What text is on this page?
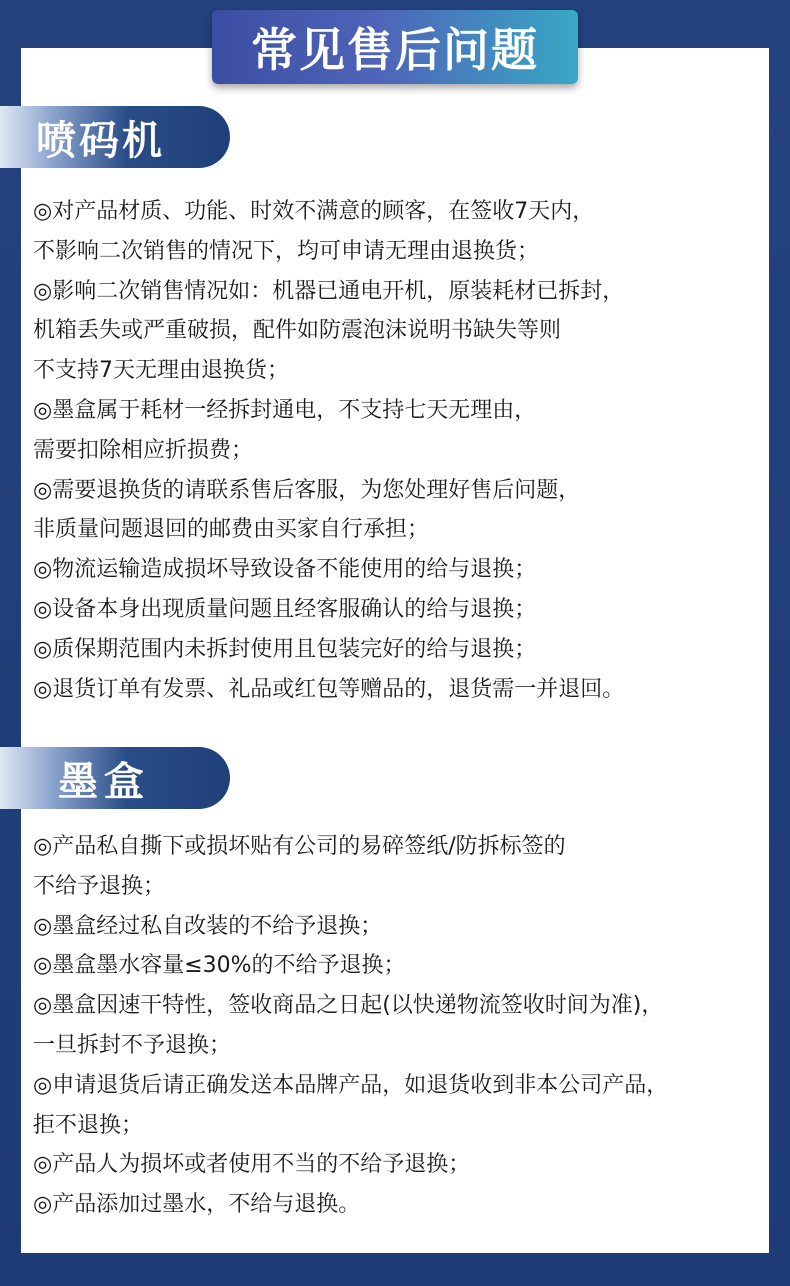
常见售后问题
喷码机
◎对产品材质、功能、时效不满意的顾客，在签收7天内，
不影响二次销售的情况下，均可申请无理由退换货；
◎影响二次销售情况如：机器已通电开机，原装耗材已拆封，
机箱丢失或严重破损，配件如防震泡沫说明书缺失等则
不支持7天无理由退换货；
◎墨盒属于耗材一经拆封通电，不支持七天无理由，
需要扣除相应折损费；
◎需要退换货的请联系售后客服，为您处理好售后问题，
非质量问题退回的邮费由买家自行承担；
◎物流运输造成损坏导致设备不能使用的给与退换；
◎设备本身出现质量问题且经客服确认的给与退换；
◎质保期范围内未拆封使用且包装完好的给与退换；
◎退货订单有发票、礼品或红包等赠品的，退货需一并退回。
墨盒
◎产品私自撕下或损坏贴有公司的易碎签纸/防拆标签的
不给予退换；
◎墨盒经过私自改装的不给予退换；
◎墨盒墨水容量≤30%的不给予退换；
◎墨盒因速干特性，签收商品之日起(以快递物流签收时间为准)，
一旦拆封不予退换；
◎申请退货后请正确发送本品牌产品，如退货收到非本公司产品，
拒不退换；
◎产品人为损坏或者使用不当的不给予退换；
◎产品添加过墨水，不给与退换。
